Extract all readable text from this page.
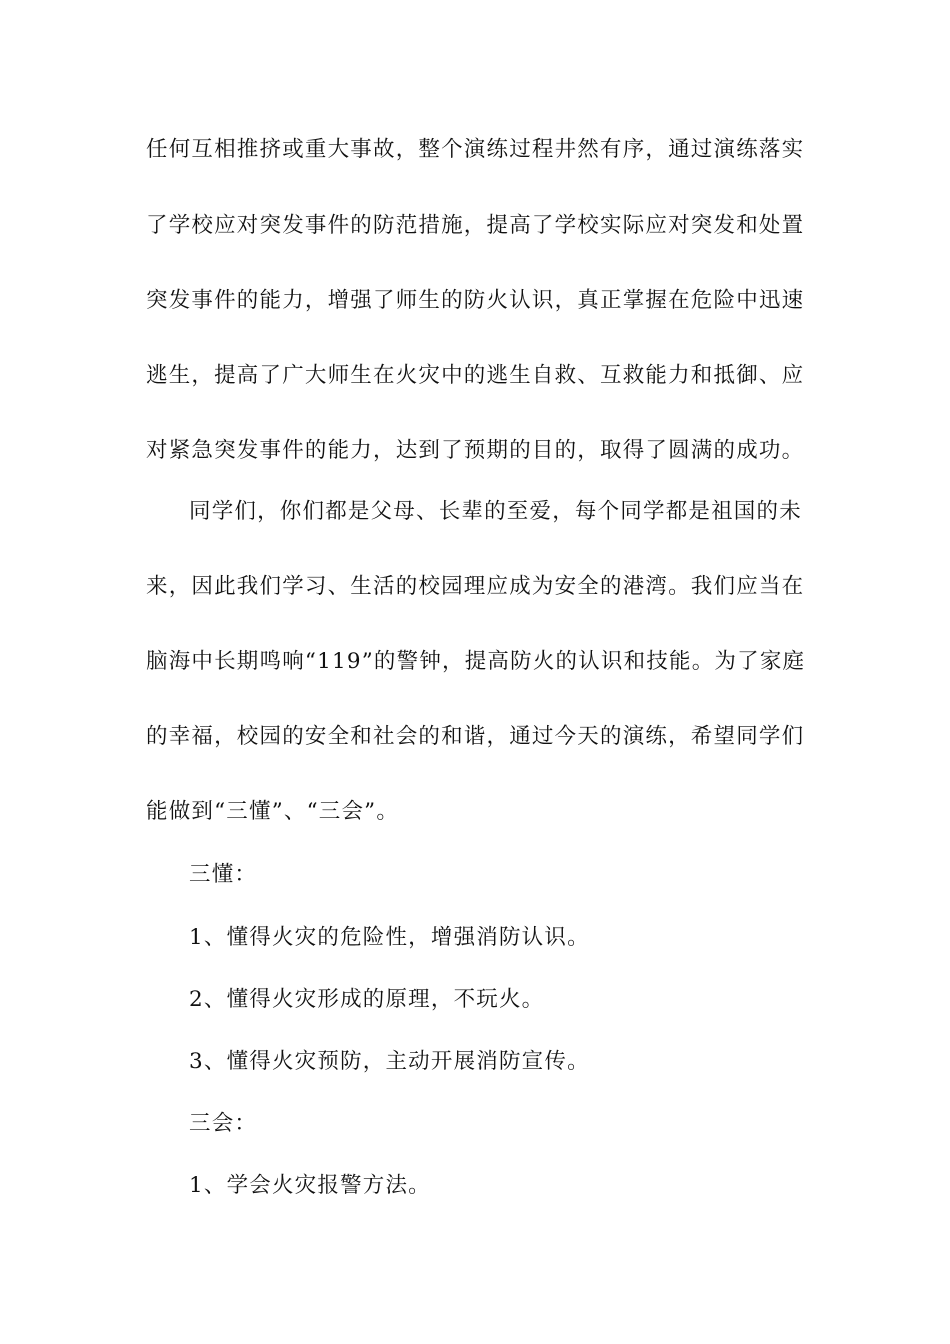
任何互相推挤或重大事故，整个演练过程井然有序，通过演练落实
了学校应对突发事件的防范措施，提高了学校实际应对突发和处置
突发事件的能力，增强了师生的防火认识，真正掌握在危险中迅速
逃生，提高了广大师生在火灾中的逃生自救、互救能力和抵御、应
对紧急突发事件的能力，达到了预期的目的，取得了圆满的成功。
同学们，你们都是父母、长辈的至爱，每个同学都是祖国的未
来，因此我们学习、生活的校园理应成为安全的港湾。我们应当在
脑海中长期鸣响“119”的警钟，提高防火的认识和技能。为了家庭
的幸福，校园的安全和社会的和谐，通过今天的演练，希望同学们
能做到“三懂”、“三会”。
三懂：
1、懂得火灾的危险性，增强消防认识。
2、懂得火灾形成的原理，不玩火。
3、懂得火灾预防，主动开展消防宣传。
三会：
1、学会火灾报警方法。
